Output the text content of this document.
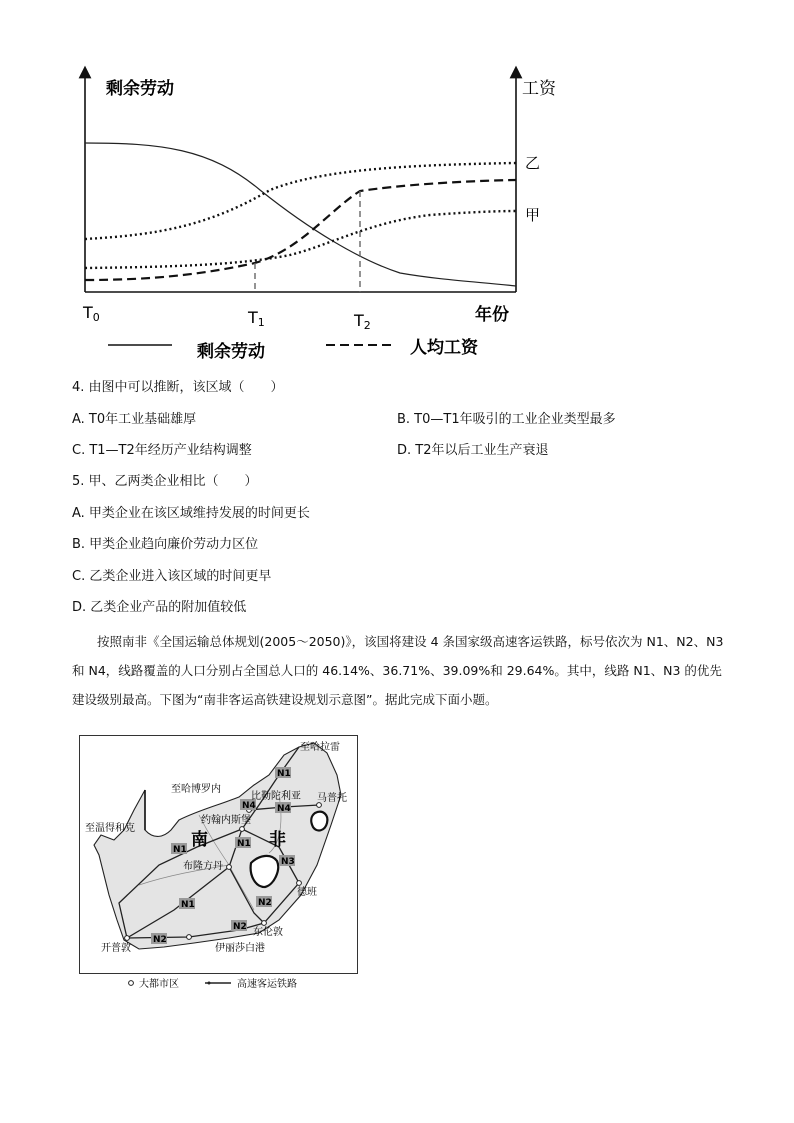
剩余劳动	工资
乙
甲
年份
T0	T1	T2
剩余劳动	人均工资
4. 由图中可以推断，该区域（　　）
A. T0年工业基础雄厚	B. T0—T1年吸引的工业企业类型最多
C. T1—T2年经历产业结构调整	D. T2年以后工业生产衰退
5. 甲、乙两类企业相比（　　）
A. 甲类企业在该区域维持发展的时间更长
B. 甲类企业趋向廉价劳动力区位
C. 乙类企业进入该区域的时间更早
D. 乙类企业产品的附加值较低
按照南非《全国运输总体规划(2005～2050)》，该国将建设 4 条国家级高速客运铁路，标号依次为 N1、N2、N3 和 N4，线路覆盖的人口分别占全国总人口的 46.14%、36.71%、39.09%和 29.64%。其中，线路 N1、N3 的优先建设级别最高。下图为“南非客运高铁建设规划示意图”。据此完成下面小题。
N1
N4 N4
N1
N3
N1
N1
N2
N2
N2
至哈拉雷
至哈博罗内
至温得和克
比勒陀利亚 马普托
约翰内斯堡
布隆方丹
德班
东伦敦
伊丽莎白港
开普敦
南	非
大都市区	高速客运铁路
